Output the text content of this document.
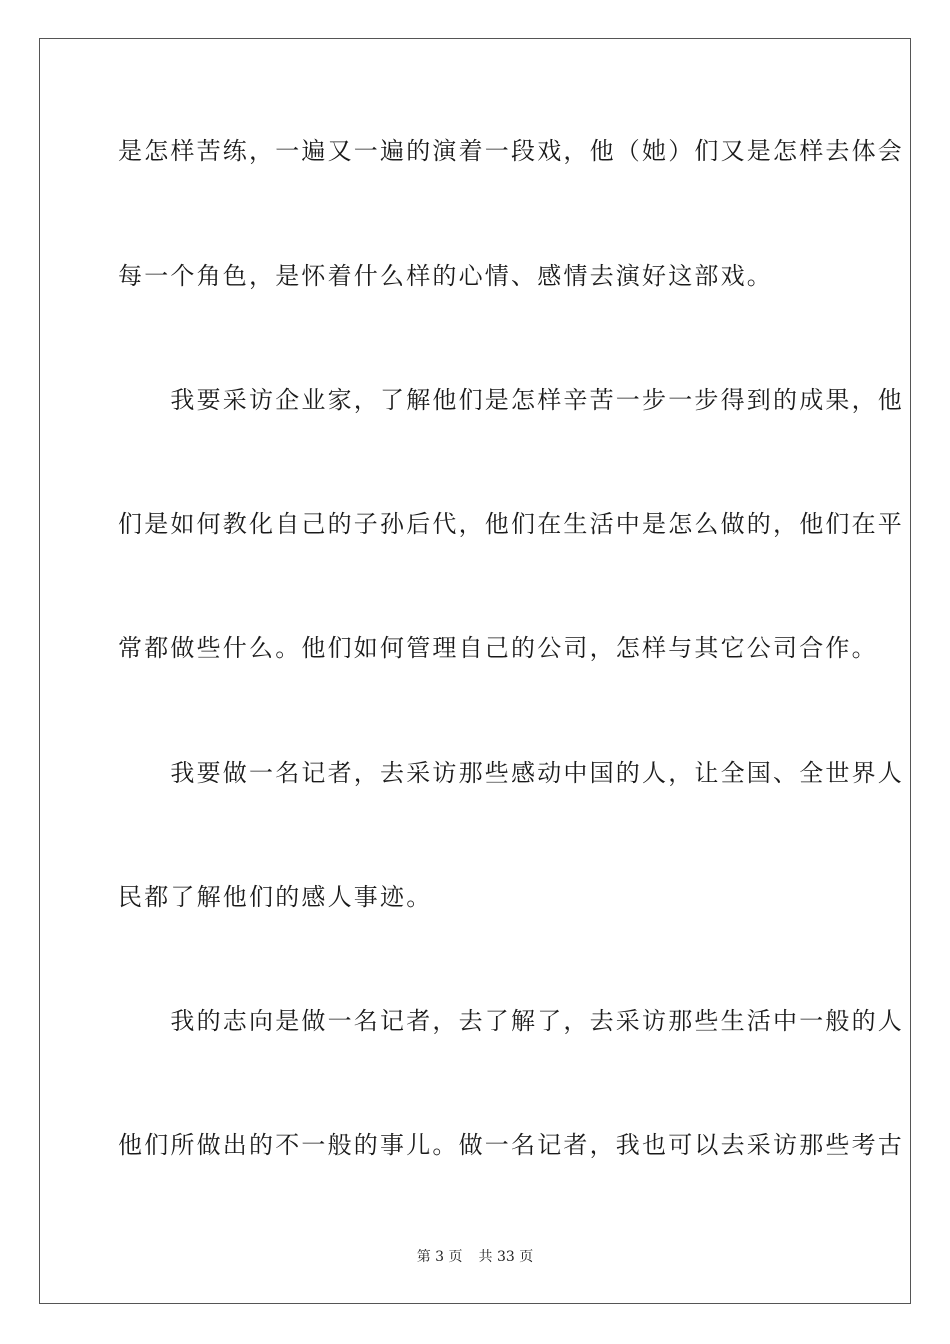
是怎样苦练，一遍又一遍的演着一段戏，他（她）们又是怎样去体会
每一个角色，是怀着什么样的心情、感情去演好这部戏。
　　我要采访企业家，了解他们是怎样辛苦一步一步得到的成果，他
们是如何教化自己的子孙后代，他们在生活中是怎么做的，他们在平
常都做些什么。他们如何管理自己的公司，怎样与其它公司合作。
　　我要做一名记者，去采访那些感动中国的人，让全国、全世界人
民都了解他们的感人事迹。
　　我的志向是做一名记者，去了解了，去采访那些生活中一般的人
他们所做出的不一般的事儿。做一名记者，我也可以去采访那些考古
第 3 页 共 33 页
